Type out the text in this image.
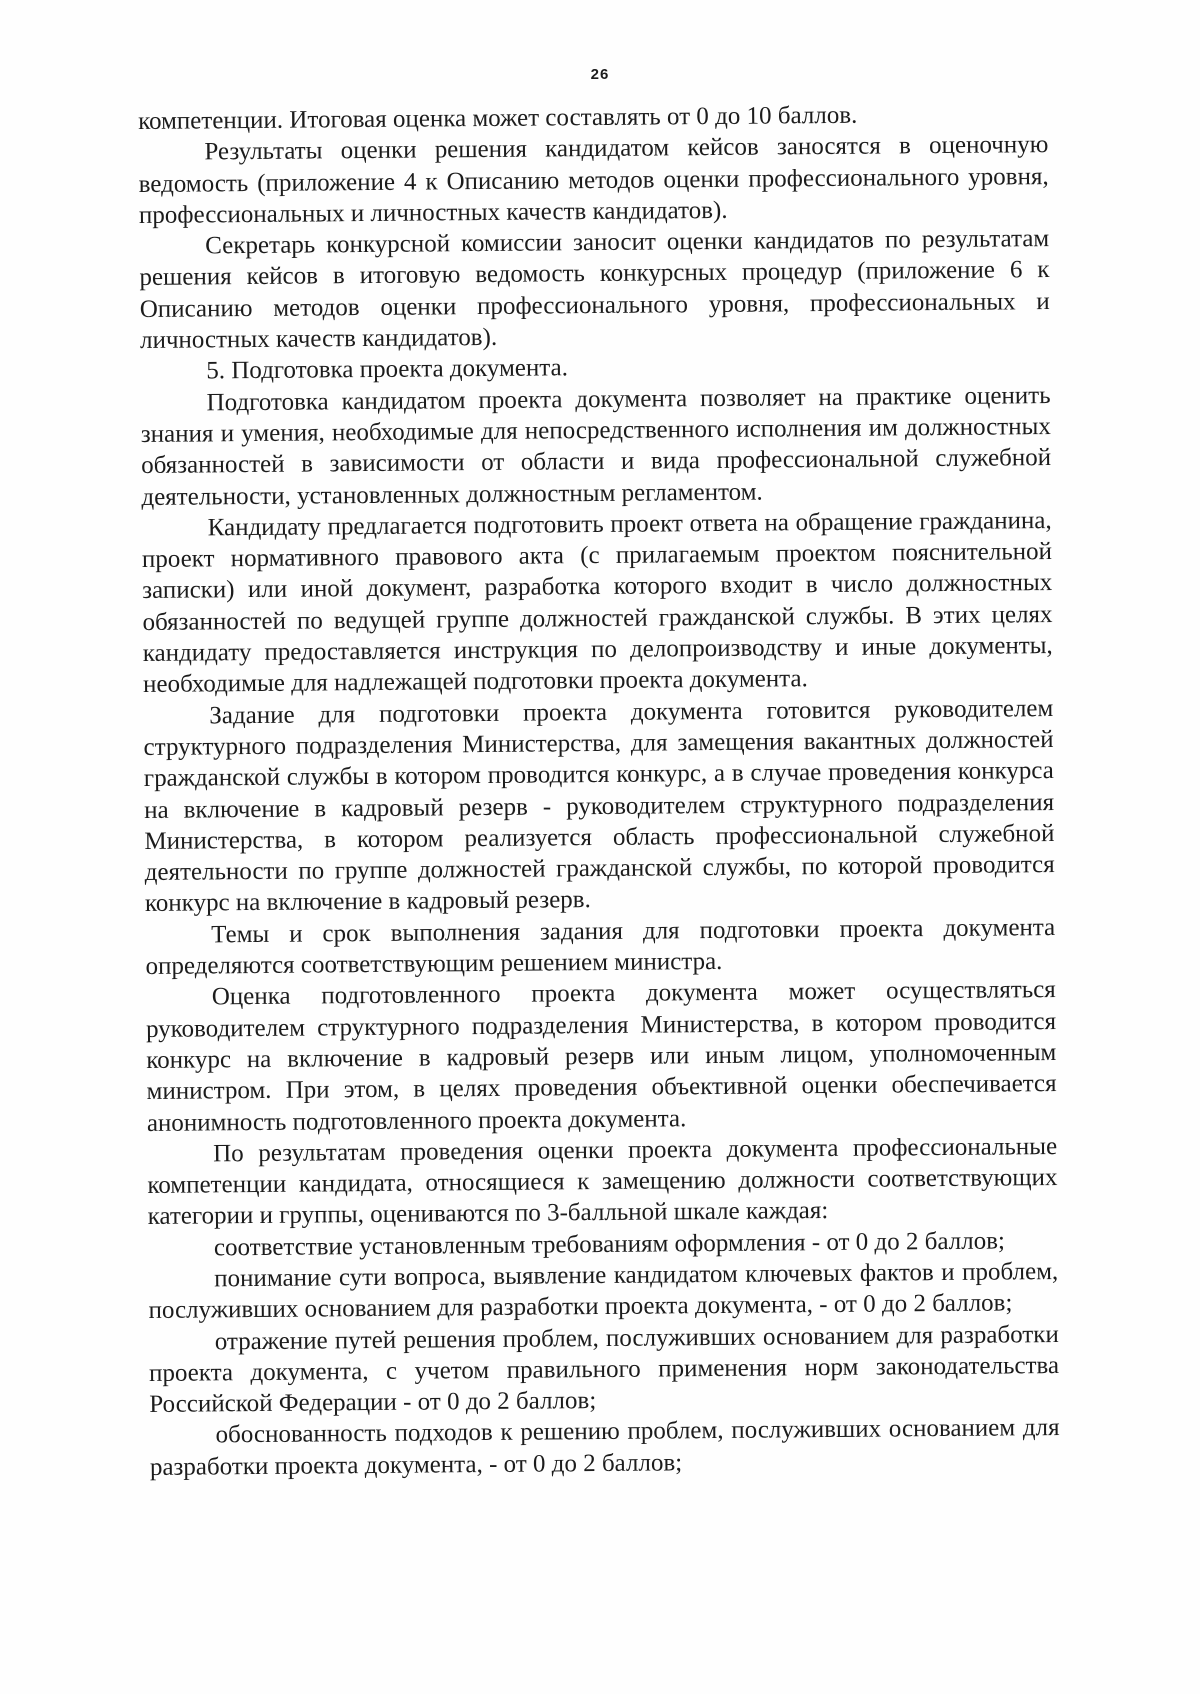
26

компетенции. Итоговая оценка может составлять от 0 до 10 баллов.

Результаты оценки решения кандидатом кейсов заносятся в оценочную ведомость (приложение 4 к Описанию методов оценки профессионального уровня, профессиональных и личностных качеств кандидатов).

Секретарь конкурсной комиссии заносит оценки кандидатов по результатам решения кейсов в итоговую ведомость конкурсных процедур (приложение 6 к Описанию методов оценки профессионального уровня, профессиональных и личностных качеств кандидатов).

5. Подготовка проекта документа.

Подготовка кандидатом проекта документа позволяет на практике оценить знания и умения, необходимые для непосредственного исполнения им должностных обязанностей в зависимости от области и вида профессиональной служебной деятельности, установленных должностным регламентом.

Кандидату предлагается подготовить проект ответа на обращение гражданина, проект нормативного правового акта (с прилагаемым проектом пояснительной записки) или иной документ, разработка которого входит в число должностных обязанностей по ведущей группе должностей гражданской службы. В этих целях кандидату предоставляется инструкция по делопроизводству и иные документы, необходимые для надлежащей подготовки проекта документа.

Задание для подготовки проекта документа готовится руководителем структурного подразделения Министерства, для замещения вакантных должностей гражданской службы в котором проводится конкурс, а в случае проведения конкурса на включение в кадровый резерв - руководителем структурного подразделения Министерства, в котором реализуется область профессиональной служебной деятельности по группе должностей гражданской службы, по которой проводится конкурс на включение в кадровый резерв.

Темы и срок выполнения задания для подготовки проекта документа определяются соответствующим решением министра.

Оценка подготовленного проекта документа может осуществляться руководителем структурного подразделения Министерства, в котором проводится конкурс на включение в кадровый резерв или иным лицом, уполномоченным министром. При этом, в целях проведения объективной оценки обеспечивается анонимность подготовленного проекта документа.

По результатам проведения оценки проекта документа профессиональные компетенции кандидата, относящиеся к замещению должности соответствующих категории и группы, оцениваются по 3-балльной шкале каждая:

соответствие установленным требованиям оформления - от 0 до 2 баллов;

понимание сути вопроса, выявление кандидатом ключевых фактов и проблем, послуживших основанием для разработки проекта документа, - от 0 до 2 баллов;

отражение путей решения проблем, послуживших основанием для разработки проекта документа, с учетом правильного применения норм законодательства Российской Федерации - от 0 до 2 баллов;

обоснованность подходов к решению проблем, послуживших основанием для разработки проекта документа, - от 0 до 2 баллов;
